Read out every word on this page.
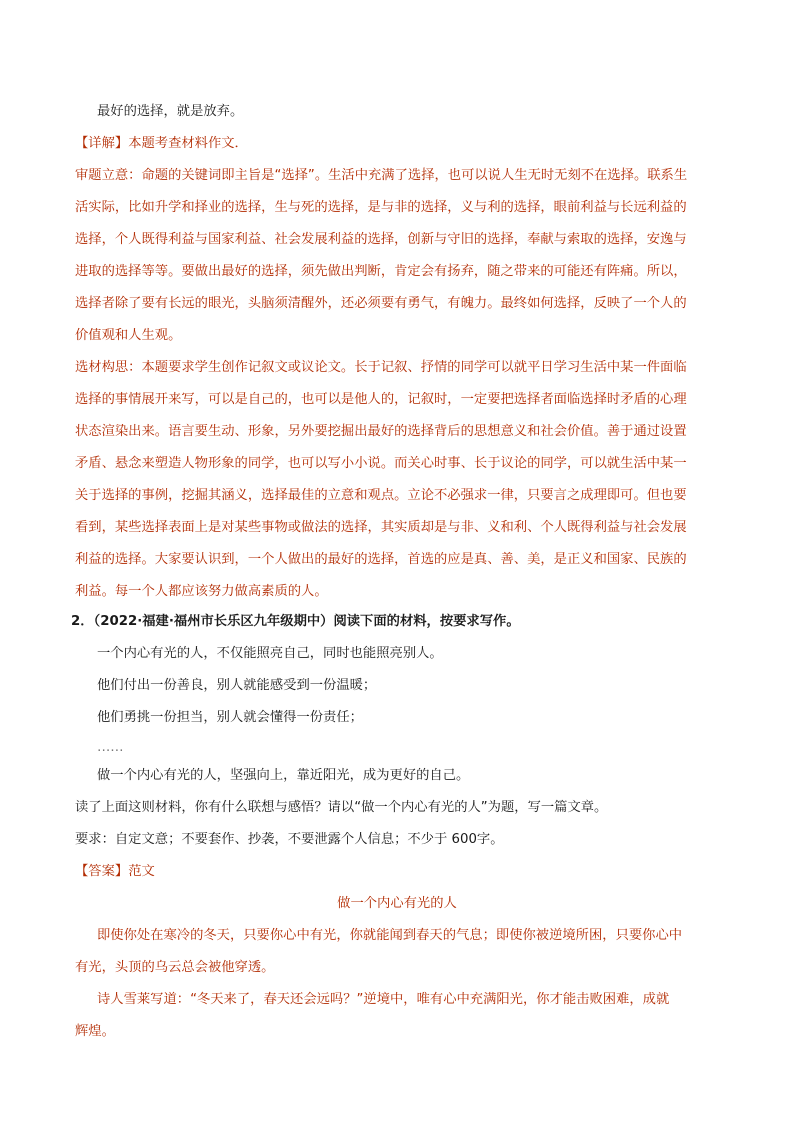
最好的选择，就是放弃。
【详解】本题考查材料作文．
审题立意：命题的关键词即主旨是“选择”。生活中充满了选择，也可以说人生无时无刻不在选择。联系生
活实际，比如升学和择业的选择，生与死的选择，是与非的选择，义与利的选择，眼前利益与长远利益的
选择，个人既得利益与国家利益、社会发展利益的选择，创新与守旧的选择，奉献与索取的选择，安逸与
进取的选择等等。要做出最好的选择，须先做出判断，肯定会有扬弃，随之带来的可能还有阵痛。所以，
选择者除了要有长远的眼光，头脑须清醒外，还必须要有勇气，有魄力。最终如何选择，反映了一个人的
价值观和人生观。
选材构思：本题要求学生创作记叙文或议论文。长于记叙、抒情的同学可以就平日学习生活中某一件面临
选择的事情展开来写，可以是自己的，也可以是他人的，记叙时，一定要把选择者面临选择时矛盾的心理
状态渲染出来。语言要生动、形象，另外要挖掘出最好的选择背后的思想意义和社会价值。善于通过设置
矛盾、悬念来塑造人物形象的同学，也可以写小小说。而关心时事、长于议论的同学，可以就生活中某一
关于选择的事例，挖掘其涵义，选择最佳的立意和观点。立论不必强求一律，只要言之成理即可。但也要
看到，某些选择表面上是对某些事物或做法的选择，其实质却是与非、义和利、个人既得利益与社会发展
利益的选择。大家要认识到，一个人做出的最好的选择，首选的应是真、善、美，是正义和国家、民族的
利益。每一个人都应该努力做高素质的人。
2．（2022·福建·福州市长乐区九年级期中）阅读下面的材料，按要求写作。
一个内心有光的人，不仅能照亮自己，同时也能照亮别人。
他们付出一份善良，别人就能感受到一份温暖；
他们勇挑一份担当，别人就会懂得一份责任；
……
做一个内心有光的人，坚强向上，靠近阳光，成为更好的自己。
读了上面这则材料，你有什么联想与感悟？请以“做一个内心有光的人”为题，写一篇文章。
要求：自定文意；不要套作、抄袭，不要泄露个人信息；不少于 600字。
【答案】范文
做一个内心有光的人
即使你处在寒冷的冬天，只要你心中有光，你就能闻到春天的气息；即使你被逆境所困，只要你心中
有光，头顶的乌云总会被他穿透。
诗人雪莱写道：“冬天来了，春天还会远吗？”逆境中，唯有心中充满阳光，你才能击败困难，成就
辉煌。
